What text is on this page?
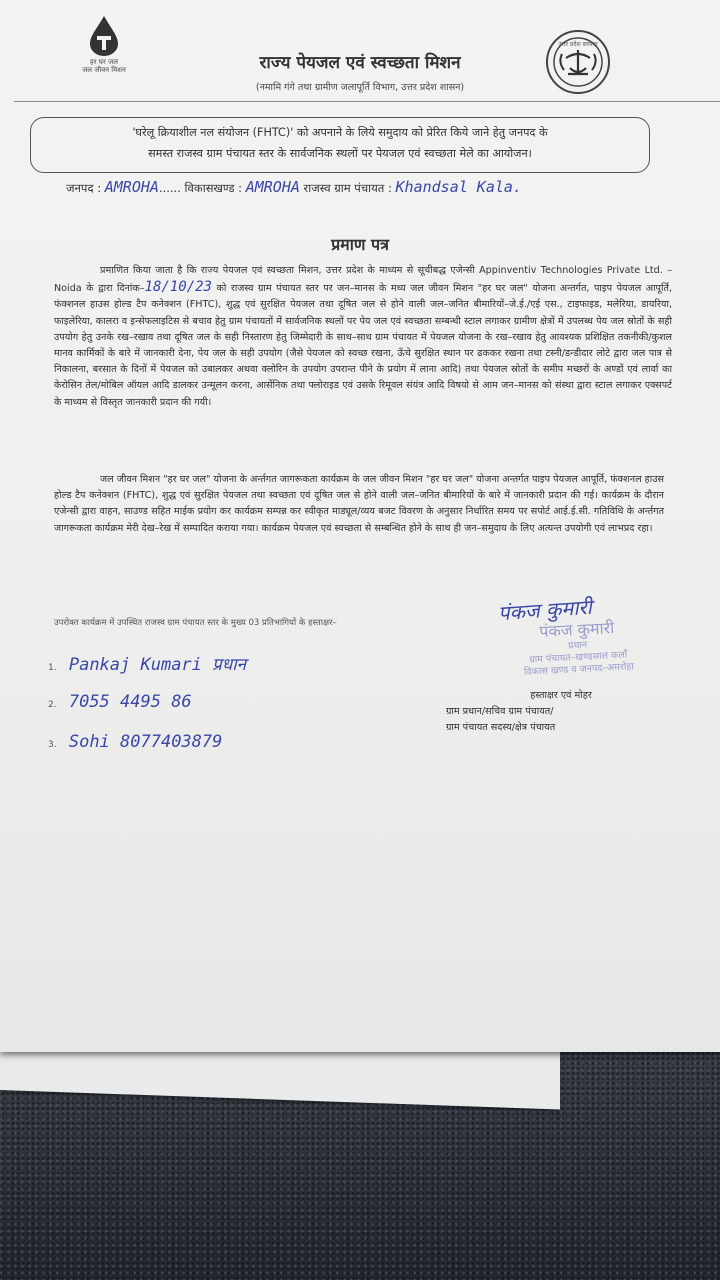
हर घर जल
जल जीवन मिशन
उत्तर प्रदेश सरकार
राज्य पेयजल एवं स्वच्छता मिशन
(नमामि गंगे तथा ग्रामीण जलापूर्ति विभाग, उत्तर प्रदेश शासन)
'घरेलू क्रियाशील नल संयोजन (FHTC)' को अपनाने के लिये समुदाय को प्रेरित किये जाने हेतु जनपद के
समस्त राजस्व ग्राम पंचायत स्तर के सार्वजनिक स्थलों पर पेयजल एवं स्वच्छता मेले का आयोजन।
जनपद : AMROHA...... विकासखण्ड : AMROHA राजस्व ग्राम पंचायत : Khandsal Kala.
प्रमाण पत्र
प्रमाणित किया जाता है कि राज्य पेयजल एवं स्वच्छता मिशन, उत्तर प्रदेश के माध्यम से सूचीबद्ध एजेन्सी Appinventiv Technologies Private Ltd. – Noida के द्वारा दिनांक–18/10/23 को राजस्व ग्राम पंचायत स्तर पर जन–मानस के मध्य जल जीवन मिशन "हर घर जल" योजना अन्तर्गत, पाइप पेयजल आपूर्ति, फंक्शनल हाउस होल्ड टैप कनेक्शन (FHTC), शुद्ध एवं सुरक्षित पेयजल तथा दूषित जल से होने वाली जल–जनित बीमारियों–जे.ई./एई एस., टाइफाइड, मलेरिया, डायरिया, फाइलेरिया, कालरा व इन्सेफलाइटिस से बचाव हेतु ग्राम पंचायतों में सार्वजनिक स्थलों पर पेय जल एवं स्वच्छता सम्बन्धी स्टाल लगाकर ग्रामीण क्षेत्रों में उपलब्ध पेय जल स्रोतों के सही उपयोग हेतु उनके रख–रखाव तथा दूषित जल के सही निस्तारण हेतु जिम्मेदारी के साथ–साथ ग्राम पंचायत में पेयजल योजना के रख–रखाव हेतु आवश्यक प्रशिक्षित तकनीकी/कुशल मानव कार्मिकों के बारे में जानकारी देना, पेय जल के सही उपयोग (जैसे पेयजल को स्वच्छ रखना, ऊँचे सुरक्षित स्थान पर ढककर रखना तथा टस्नी/डन्डीदार लोटे द्वारा जल पात्र से निकालना, बरसात के दिनों में पेयजल को उबालकर अथवा क्लोरिन के उपयोग उपरान्त पीने के प्रयोग में लाना आदि) तथा पेयजल स्रोतों के समीप मच्छरों के अण्डों एवं लार्वा का केरोसिन तेल/मोबिल ऑयल आदि डालकर उन्मूलन करना, आर्सेनिक तथा फ्लोराइड एवं उसके रिमूवल संयंत्र आदि विषयो से आम जन–मानस को संस्था द्वारा स्टाल लगाकर एक्सपर्ट के माध्यम से विस्तृत जानकारी प्रदान की गयी।
जल जीवन मिशन "हर घर जल" योजना के अर्न्तगत जागरूकता कार्यक्रम के जल जीवन मिशन "हर घर जल" योजना अन्तर्गत पाइप पेयजल आपूर्ति, फंक्शनल हाउस होल्ड टैप कनेक्शन (FHTC), शुद्ध एवं सुरक्षित पेयजल तथा स्वच्छता एवं दूषित जल से होने वाली जल–जनित बीमारियों के बारे में जानकारी प्रदान की गई। कार्यक्रम के दौरान एजेन्सी द्वारा वाहन, साउण्ड सहित माईक प्रयोग कर कार्यक्रम सम्पन्न कर स्वीकृत माड्यूल/व्यय बजट विवरण के अनुसार निर्धारित समय पर सपोर्ट आई.ई.सी. गतिविधि के अर्न्तगत जागरूकता कार्यक्रम मेरी देख–रेख में सम्पादित कराया गया। कार्यक्रम पेयजल एवं स्वच्छता से सम्बन्धित होने के साथ ही जन–समुदाय के लिए अत्यन्त उपयोगी एवं लाभप्रद रहा।
उपरोक्त कार्यक्रम में उपस्थित राजस्व ग्राम पंचायत स्तर के मुख्य 03 प्रतिभागियों के हस्ताक्षर–
1. Pankaj Kumari प्रधान
2. 7055 4495 86
3. Sohi 8077403879
पंकज कुमारी
पंकज कुमारी
प्रधान
ग्राम पंचायत–खण्डसाल कलाँ
विकास खण्ड व जनपद–अमरोहा
हस्ताक्षर एवं मोहर
ग्राम प्रधान/सचिव ग्राम पंचायत/
ग्राम पंचायत सदस्य/क्षेत्र पंचायत
